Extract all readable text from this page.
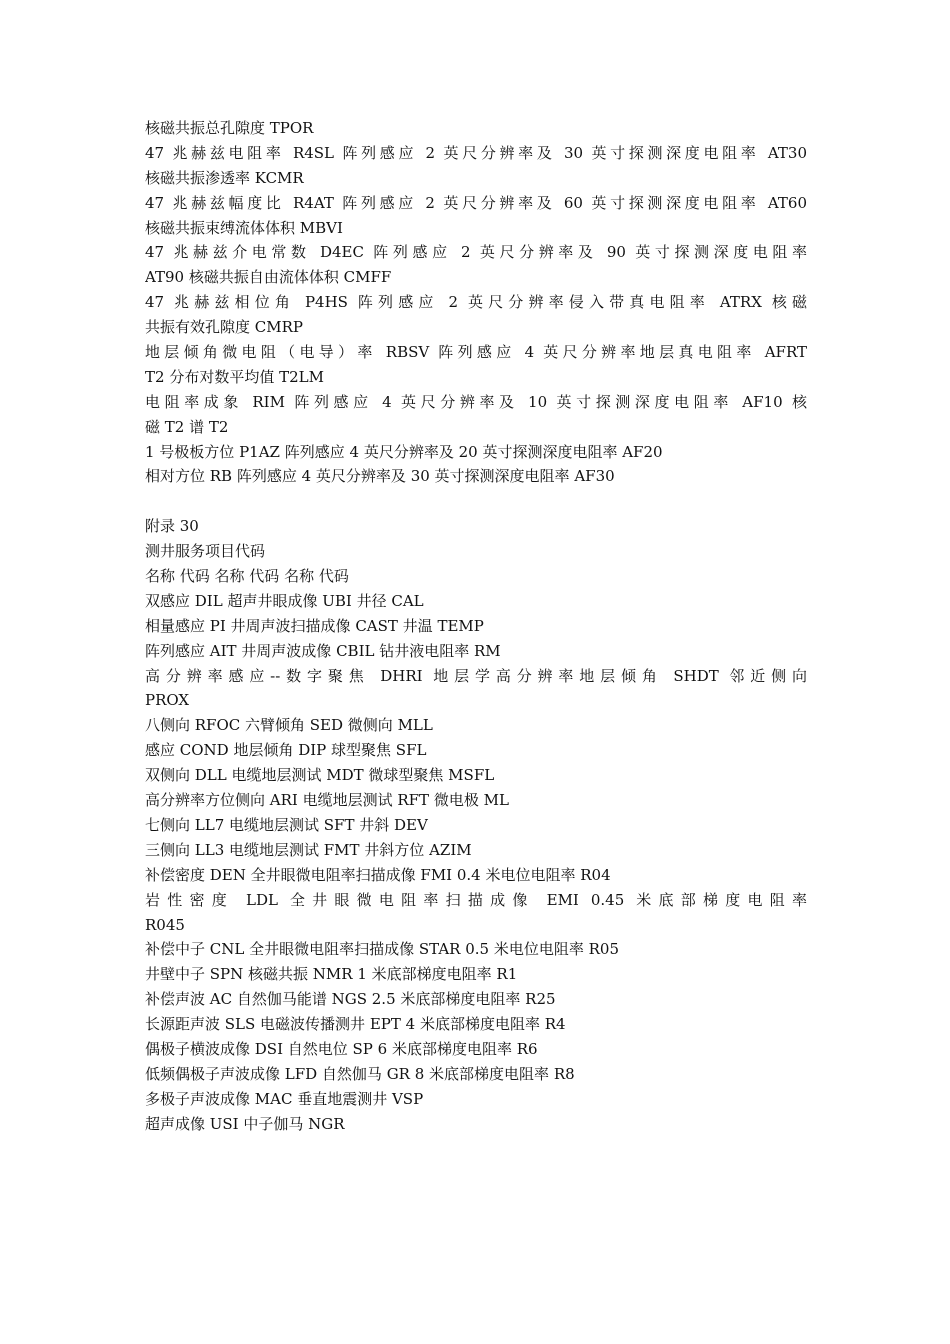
核磁共振总孔隙度 TPOR
47 兆赫兹电阻率 R4SL 阵列感应 2 英尺分辨率及 30 英寸探测深度电阻率 AT30
核磁共振渗透率 KCMR
47 兆赫兹幅度比 R4AT 阵列感应 2 英尺分辨率及 60 英寸探测深度电阻率 AT60
核磁共振束缚流体体积 MBVI
47 兆赫兹介电常数 D4EC 阵列感应 2 英尺分辨率及 90 英寸探测深度电阻率
AT90 核磁共振自由流体体积 CMFF
47 兆赫兹相位角 P4HS 阵列感应 2 英尺分辨率侵入带真电阻率 ATRX 核磁
共振有效孔隙度 CMRP
地层倾角微电阻（电导）率 RBSV 阵列感应 4 英尺分辨率地层真电阻率 AFRT
T2 分布对数平均值 T2LM
电阻率成象 RIM 阵列感应 4 英尺分辨率及 10 英寸探测深度电阻率 AF10 核
磁 T2 谱 T2
1 号极板方位 P1AZ 阵列感应 4 英尺分辨率及 20 英寸探测深度电阻率 AF20
相对方位 RB 阵列感应 4 英尺分辨率及 30 英寸探测深度电阻率 AF30
附录 30
测井服务项目代码
名称 代码 名称 代码 名称 代码
双感应 DIL 超声井眼成像 UBI 井径 CAL
相量感应 PI 井周声波扫描成像 CAST 井温 TEMP
阵列感应 AIT 井周声波成像 CBIL 钻井液电阻率 RM
高分辨率感应--数字聚焦 DHRI 地层学高分辨率地层倾角 SHDT 邻近侧向
PROX
八侧向 RFOC 六臂倾角 SED 微侧向 MLL
感应 COND 地层倾角 DIP 球型聚焦 SFL
双侧向 DLL 电缆地层测试 MDT 微球型聚焦 MSFL
高分辨率方位侧向 ARI 电缆地层测试 RFT 微电极 ML
七侧向 LL7 电缆地层测试 SFT 井斜 DEV
三侧向 LL3 电缆地层测试 FMT 井斜方位 AZIM
补偿密度 DEN 全井眼微电阻率扫描成像 FMI 0.4 米电位电阻率 R04
岩性密度 LDL 全井眼微电阻率扫描成像 EMI 0.45 米底部梯度电阻率
R045
补偿中子 CNL 全井眼微电阻率扫描成像 STAR 0.5 米电位电阻率 R05
井壁中子 SPN 核磁共振 NMR 1 米底部梯度电阻率 R1
补偿声波 AC 自然伽马能谱 NGS 2.5 米底部梯度电阻率 R25
长源距声波 SLS 电磁波传播测井 EPT 4 米底部梯度电阻率 R4
偶极子横波成像 DSI 自然电位 SP 6 米底部梯度电阻率 R6
低频偶极子声波成像 LFD 自然伽马 GR 8 米底部梯度电阻率 R8
多极子声波成像 MAC 垂直地震测井 VSP
超声成像 USI 中子伽马 NGR
